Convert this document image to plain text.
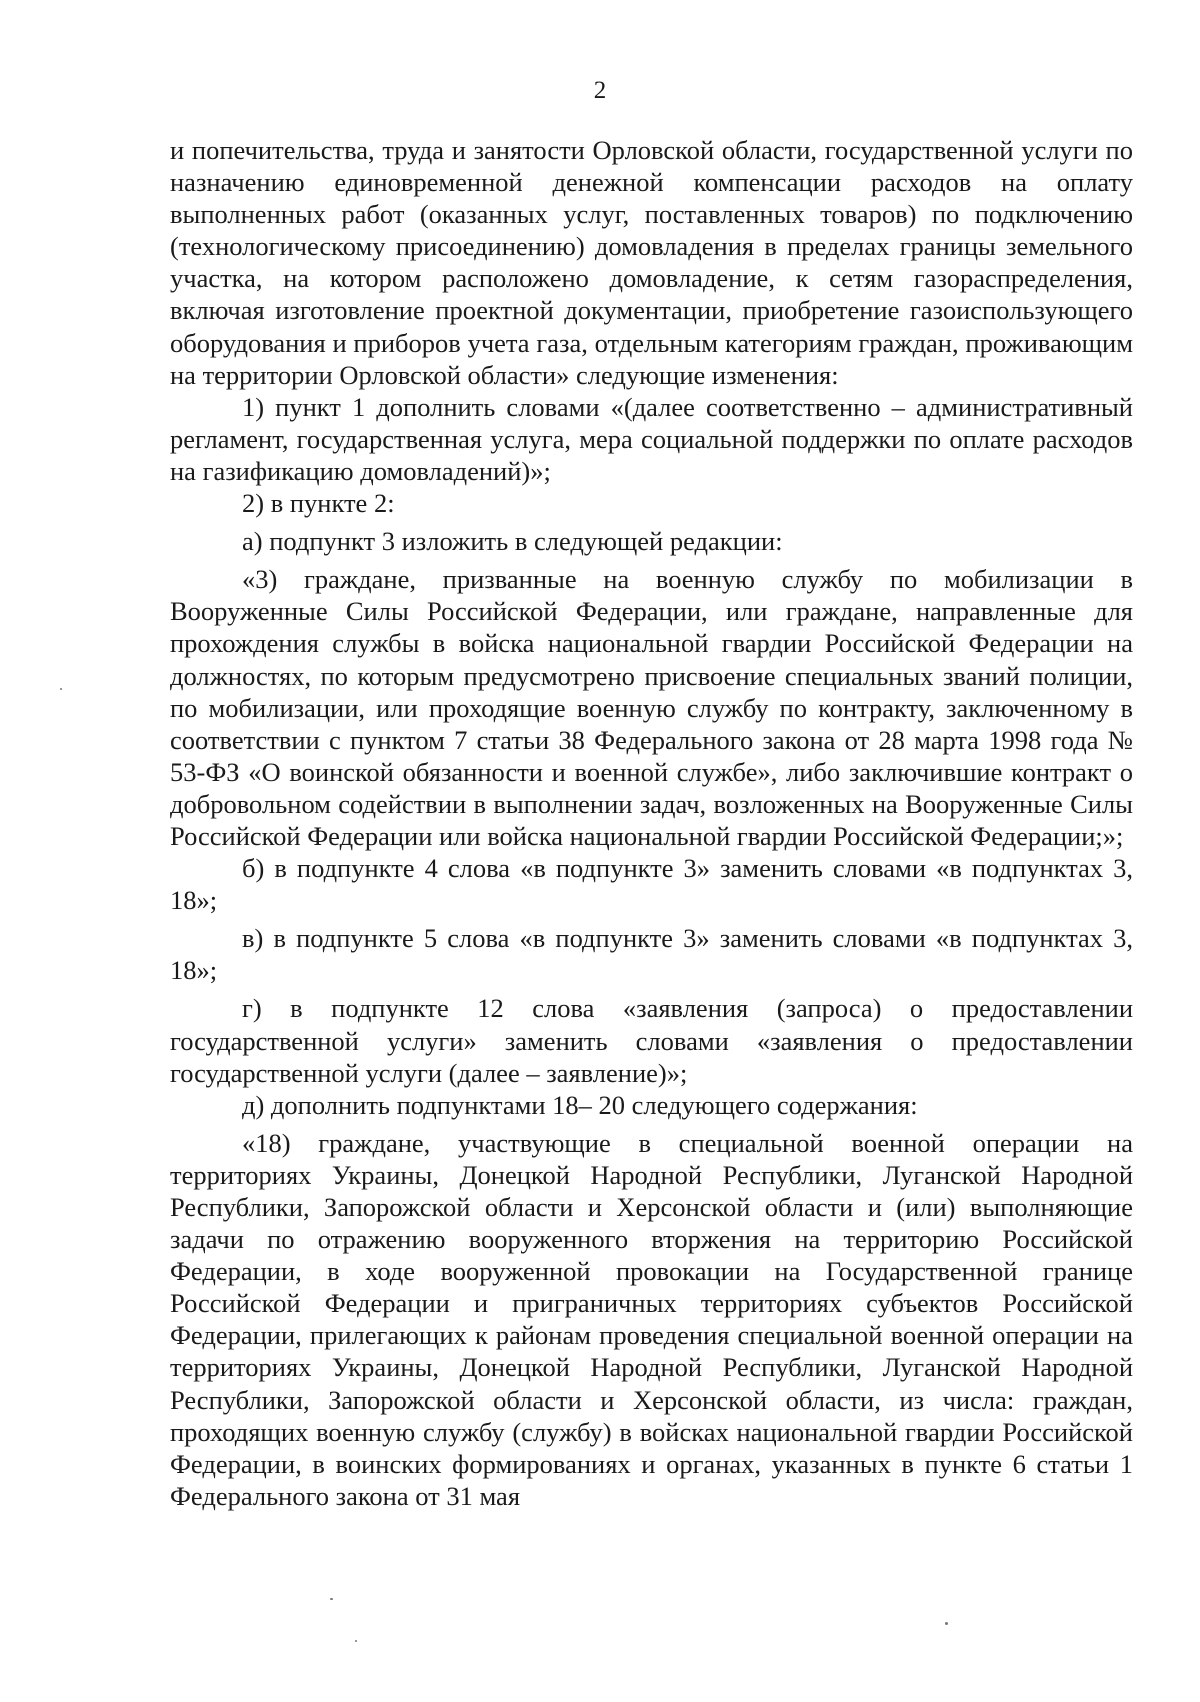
2

и попечительства, труда и занятости Орловской области, государственной услуги по назначению единовременной денежной компенсации расходов на оплату выполненных работ (оказанных услуг, поставленных товаров) по подключению (технологическому присоединению) домовладения в пределах границы земельного участка, на котором расположено домовладение, к сетям газораспределения, включая изготовление проектной документации, приобретение газоиспользующего оборудования и приборов учета газа, отдельным категориям граждан, проживающим на территории Орловской области» следующие изменения:

1) пункт 1 дополнить словами «(далее соответственно – административный регламент, государственная услуга, мера социальной поддержки по оплате расходов на газификацию домовладений)»;

2) в пункте 2:

а) подпункт 3 изложить в следующей редакции:

«3) граждане, призванные на военную службу по мобилизации в Вооруженные Силы Российской Федерации, или граждане, направленные для прохождения службы в войска национальной гвардии Российской Федерации на должностях, по которым предусмотрено присвоение специальных званий полиции, по мобилизации, или проходящие военную службу по контракту, заключенному в соответствии с пунктом 7 статьи 38 Федерального закона от 28 марта 1998 года № 53-ФЗ «О воинской обязанности и военной службе», либо заключившие контракт о добровольном содействии в выполнении задач, возложенных на Вооруженные Силы Российской Федерации или войска национальной гвардии Российской Федерации;»;

б) в подпункте 4 слова «в подпункте 3» заменить словами «в подпунктах 3, 18»;

в) в подпункте 5 слова «в подпункте 3» заменить словами «в подпунктах 3, 18»;

г) в подпункте 12 слова «заявления (запроса) о предоставлении государственной услуги» заменить словами «заявления о предоставлении государственной услуги (далее – заявление)»;

д) дополнить подпунктами 18– 20 следующего содержания:

«18) граждане, участвующие в специальной военной операции на территориях Украины, Донецкой Народной Республики, Луганской Народной Республики, Запорожской области и Херсонской области и (или) выполняющие задачи по отражению вооруженного вторжения на территорию Российской Федерации, в ходе вооруженной провокации на Государственной границе Российской Федерации и приграничных территориях субъектов Российской Федерации, прилегающих к районам проведения специальной военной операции на территориях Украины, Донецкой Народной Республики, Луганской Народной Республики, Запорожской области и Херсонской области, из числа: граждан, проходящих военную службу (службу) в войсках национальной гвардии Российской Федерации, в воинских формированиях и органах, указанных в пункте 6 статьи 1 Федерального закона от 31 мая
